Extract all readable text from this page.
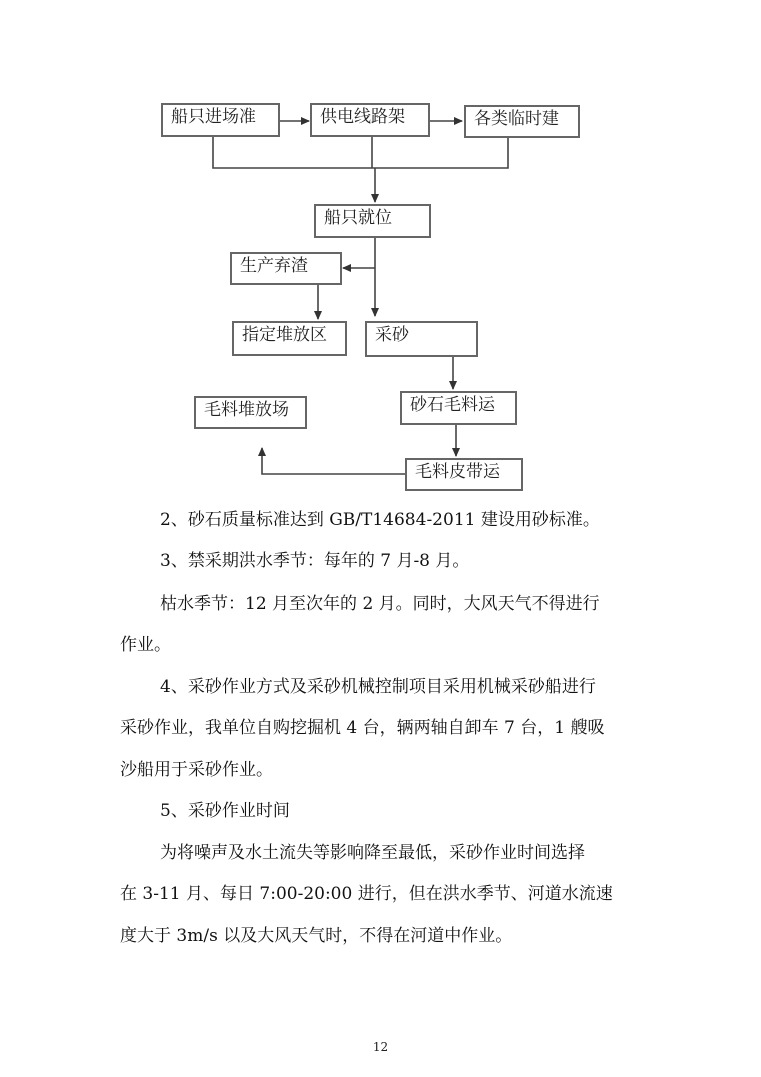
船只进场准	供电线路架	各类临时建
船只就位
生产弃渣
指定堆放区	采砂
砂石毛料运
毛料堆放场
毛料皮带运
2、砂石质量标准达到 GB/T14684-2011 建设用砂标准。
3、禁采期洪水季节：每年的 7 月-8 月。
枯水季节：12 月至次年的 2 月。同时，大风天气不得进行
作业。
4、采砂作业方式及采砂机械控制项目采用机械采砂船进行
采砂作业，我单位自购挖掘机 4 台，辆两轴自卸车 7 台，1 艘吸
沙船用于采砂作业。
5、采砂作业时间
为将噪声及水土流失等影响降至最低，采砂作业时间选择
在 3-11 月、每日 7:00-20:00 进行，但在洪水季节、河道水流速
度大于 3m/s 以及大风天气时，不得在河道中作业。
12
